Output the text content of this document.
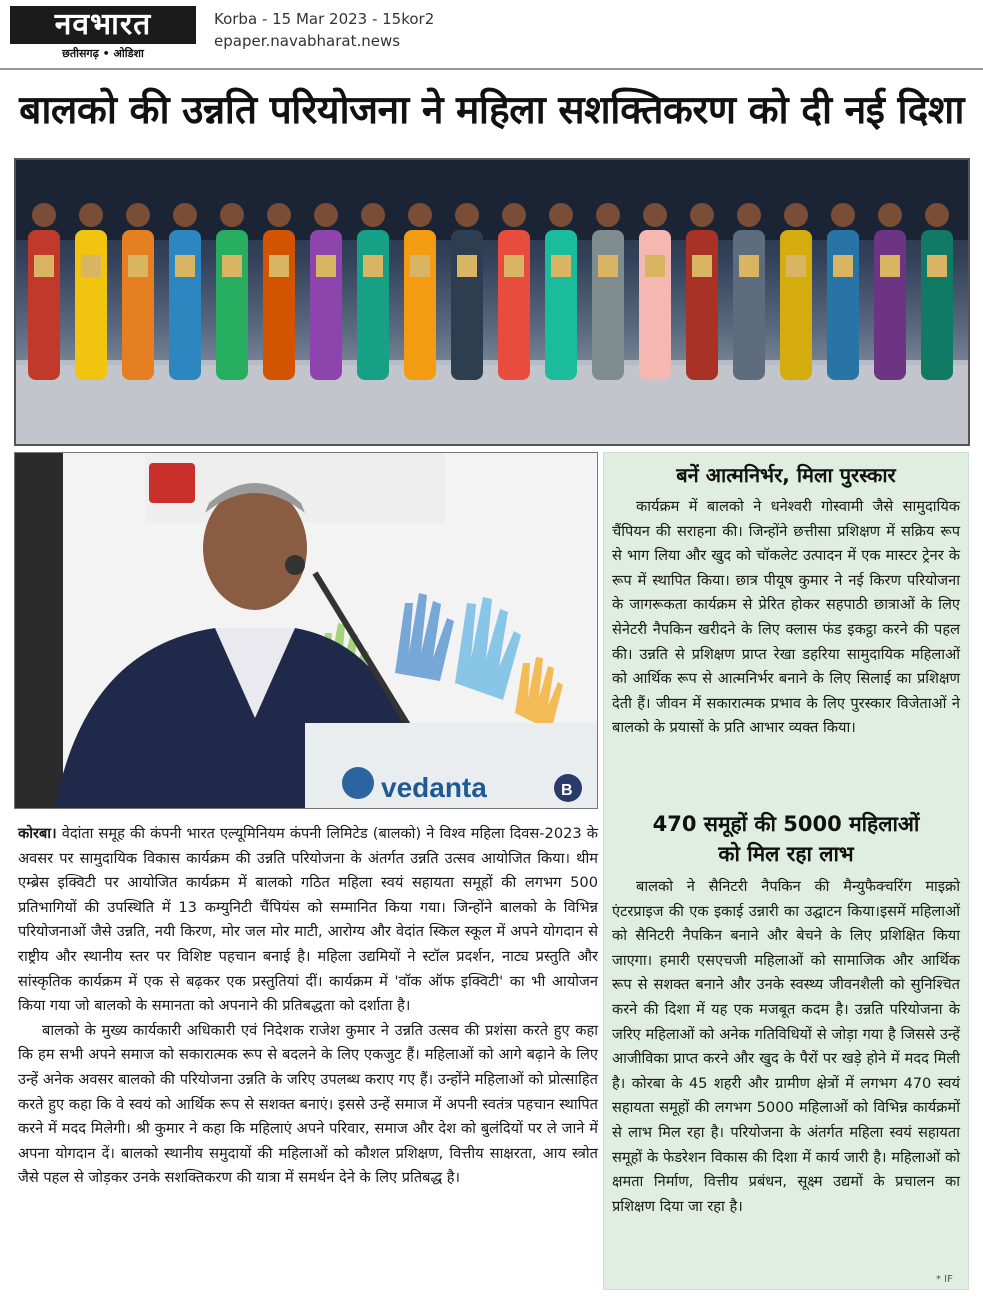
नवभारत
छतीसगढ़ • ओडिशा
Korba - 15 Mar 2023 - 15kor2
epaper.navabharat.news
बालको की उन्नति परियोजना ने महिला सशक्तिकरण को दी नई दिशा
vedanta	B

कोरबा। वेदांता समूह की कंपनी भारत एल्यूमिनियम कंपनी लिमिटेड (बालको) ने विश्व महिला दिवस-2023 के अवसर पर सामुदायिक विकास कार्यक्रम की उन्नति परियोजना के अंतर्गत उन्नति उत्सव आयोजित किया। थीम एम्ब्रेस इक्विटी पर आयोजित कार्यक्रम में बालको गठित महिला स्वयं सहायता समूहों की लगभग 500 प्रतिभागियों की उपस्थिति में 13 कम्युनिटी चैंपियंस को सम्मानित किया गया। जिन्होंने बालको के विभिन्न परियोजनाओं जैसे उन्नति, नयी किरण, मोर जल मोर माटी, आरोग्य और वेदांत स्किल स्कूल में अपने योगदान से राष्ट्रीय और स्थानीय स्तर पर विशिष्ट पहचान बनाई है। महिला उद्यमियों ने स्टॉल प्रदर्शन, नाट्य प्रस्तुति और सांस्कृतिक कार्यक्रम में एक से बढ़कर एक प्रस्तुतियां दीं। कार्यक्रम में 'वॉक ऑफ इक्विटी' का भी आयोजन किया गया जो बालको के समानता को अपनाने की प्रतिबद्धता को दर्शाता है।

बालको के मुख्य कार्यकारी अधिकारी एवं निदेशक राजेश कुमार ने उन्नति उत्सव की प्रशंसा करते हुए कहा कि हम सभी अपने समाज को सकारात्मक रूप से बदलने के लिए एकजुट हैं। महिलाओं को आगे बढ़ाने के लिए उन्हें अनेक अवसर बालको की परियोजना उन्नति के जरिए उपलब्ध कराए गए हैं। उन्होंने महिलाओं को प्रोत्साहित करते हुए कहा कि वे स्वयं को आर्थिक रूप से सशक्त बनाएं। इससे उन्हें समाज में अपनी स्वतंत्र पहचान स्थापित करने में मदद मिलेगी। श्री कुमार ने कहा कि महिलाएं अपने परिवार, समाज और देश को बुलंदियों पर ले जाने में अपना योगदान दें। बालको स्थानीय समुदायों की महिलाओं को कौशल प्रशिक्षण, वित्तीय साक्षरता, आय स्त्रोत जैसे पहल से जोड़कर उनके सशक्तिकरण की यात्रा में समर्थन देने के लिए प्रतिबद्ध है।

बनें आत्मनिर्भर, मिला पुरस्कार

कार्यक्रम में बालको ने धनेश्वरी गोस्वामी जैसे सामुदायिक चैंपियन की सराहना की। जिन्होंने छत्तीसा प्रशिक्षण में सक्रिय रूप से भाग लिया और खुद को चॉकलेट उत्पादन में एक मास्टर ट्रेनर के रूप में स्थापित किया। छात्र पीयूष कुमार ने नई किरण परियोजना के जागरूकता कार्यक्रम से प्रेरित होकर सहपाठी छात्राओं के लिए सेनेटरी नैपकिन खरीदने के लिए क्लास फंड इकट्ठा करने की पहल की। उन्नति से प्रशिक्षण प्राप्त रेखा डहरिया सामुदायिक महिलाओं को आर्थिक रूप से आत्मनिर्भर बनाने के लिए सिलाई का प्रशिक्षण देती हैं। जीवन में सकारात्मक प्रभाव के लिए पुरस्कार विजेताओं ने बालको के प्रयासों के प्रति आभार व्यक्त किया।

470 समूहों की 5000 महिलाओं
को मिल रहा लाभ

बालको ने सैनिटरी नैपकिन की मैन्युफैक्चरिंग माइक्रो एंटरप्राइज की एक इकाई उन्नारी का उद्घाटन किया।इसमें महिलाओं को सैनिटरी नैपकिन बनाने और बेचने के लिए प्रशिक्षित किया जाएगा। हमारी एसएचजी महिलाओं को सामाजिक और आर्थिक रूप से सशक्त बनाने और उनके स्वस्थ्य जीवनशैली को सुनिश्चित करने की दिशा में यह एक मजबूत कदम है। उन्नति परियोजना के जरिए महिलाओं को अनेक गतिविधियों से जोड़ा गया है जिससे उन्हें आजीविका प्राप्त करने और खुद के पैरों पर खड़े होने में मदद मिली है। कोरबा के 45 शहरी और ग्रामीण क्षेत्रों में लगभग 470 स्वयं सहायता समूहों की लगभग 5000 महिलाओं को विभिन्न कार्यक्रमों से लाभ मिल रहा है। परियोजना के अंतर्गत महिला स्वयं सहायता समूहों के फेडरेशन विकास की दिशा में कार्य जारी है। महिलाओं को क्षमता निर्माण, वित्तीय प्रबंधन, सूक्ष्म उद्यमों के प्रचालन का प्रशिक्षण दिया जा रहा है।

* IF
